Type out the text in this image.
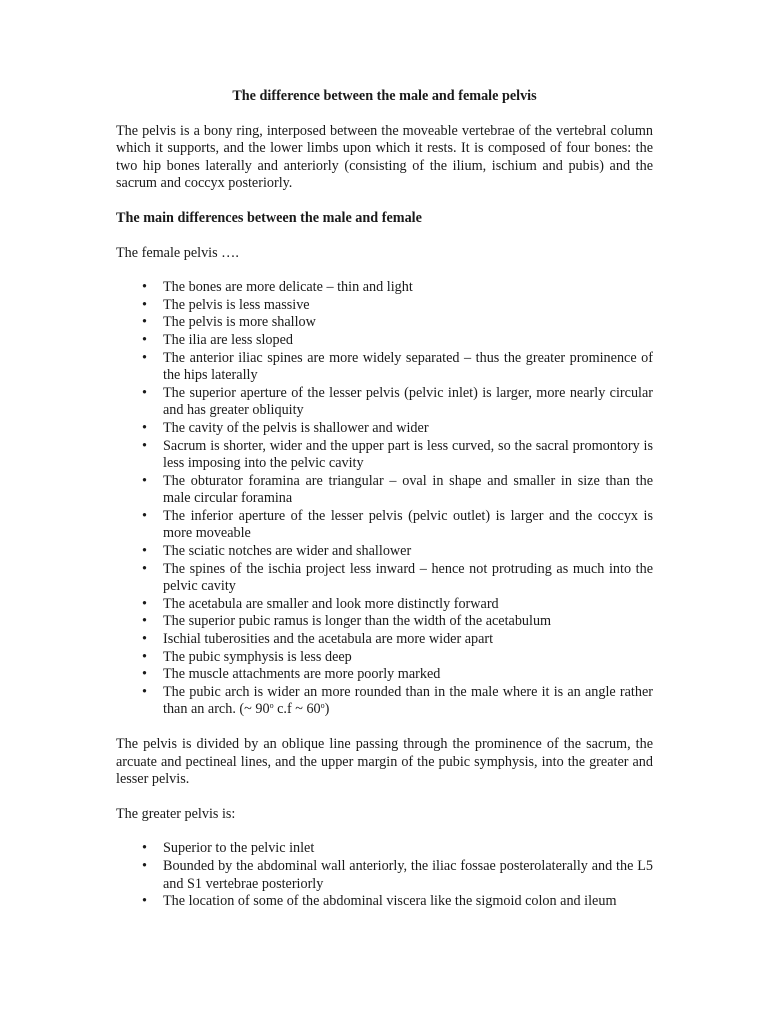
The difference between the male and female pelvis

The pelvis is a bony ring, interposed between the moveable vertebrae of the vertebral column which it supports, and the lower limbs upon which it rests. It is composed of four bones: the two hip bones laterally and anteriorly (consisting of the ilium, ischium and pubis) and the sacrum and coccyx posteriorly.

The main differences between the male and female
The female pelvis ….
• The bones are more delicate – thin and light
• The pelvis is less massive
• The pelvis is more shallow
• The ilia are less sloped
• The anterior iliac spines are more widely separated – thus the greater prominence of the hips laterally
• The superior aperture of the lesser pelvis (pelvic inlet) is larger, more nearly circular and has greater obliquity
• The cavity of the pelvis is shallower and wider
• Sacrum is shorter, wider and the upper part is less curved, so the sacral promontory is less imposing into the pelvic cavity
• The obturator foramina are triangular – oval in shape and smaller in size than the male circular foramina
• The inferior aperture of the lesser pelvis (pelvic outlet) is larger and the coccyx is more moveable
• The sciatic notches are wider and shallower
• The spines of the ischia project less inward – hence not protruding as much into the pelvic cavity
• The acetabula are smaller and look more distinctly forward
• The superior pubic ramus is longer than the width of the acetabulum
• Ischial tuberosities and the acetabula are more wider apart
• The pubic symphysis is less deep
• The muscle attachments are more poorly marked
• The pubic arch is wider an more rounded than in the male where it is an angle rather than an arch. (~ 90$^o$ c.f ~ 60$^o$)

The pelvis is divided by an oblique line passing through the prominence of the sacrum, the arcuate and pectineal lines, and the upper margin of the pubic symphysis, into the greater and lesser pelvis.

The greater pelvis is:
• Superior to the pelvic inlet
• Bounded by the abdominal wall anteriorly, the iliac fossae posterolaterally and the L5 and S1 vertebrae posteriorly
• The location of some of the abdominal viscera like the sigmoid colon and ileum
